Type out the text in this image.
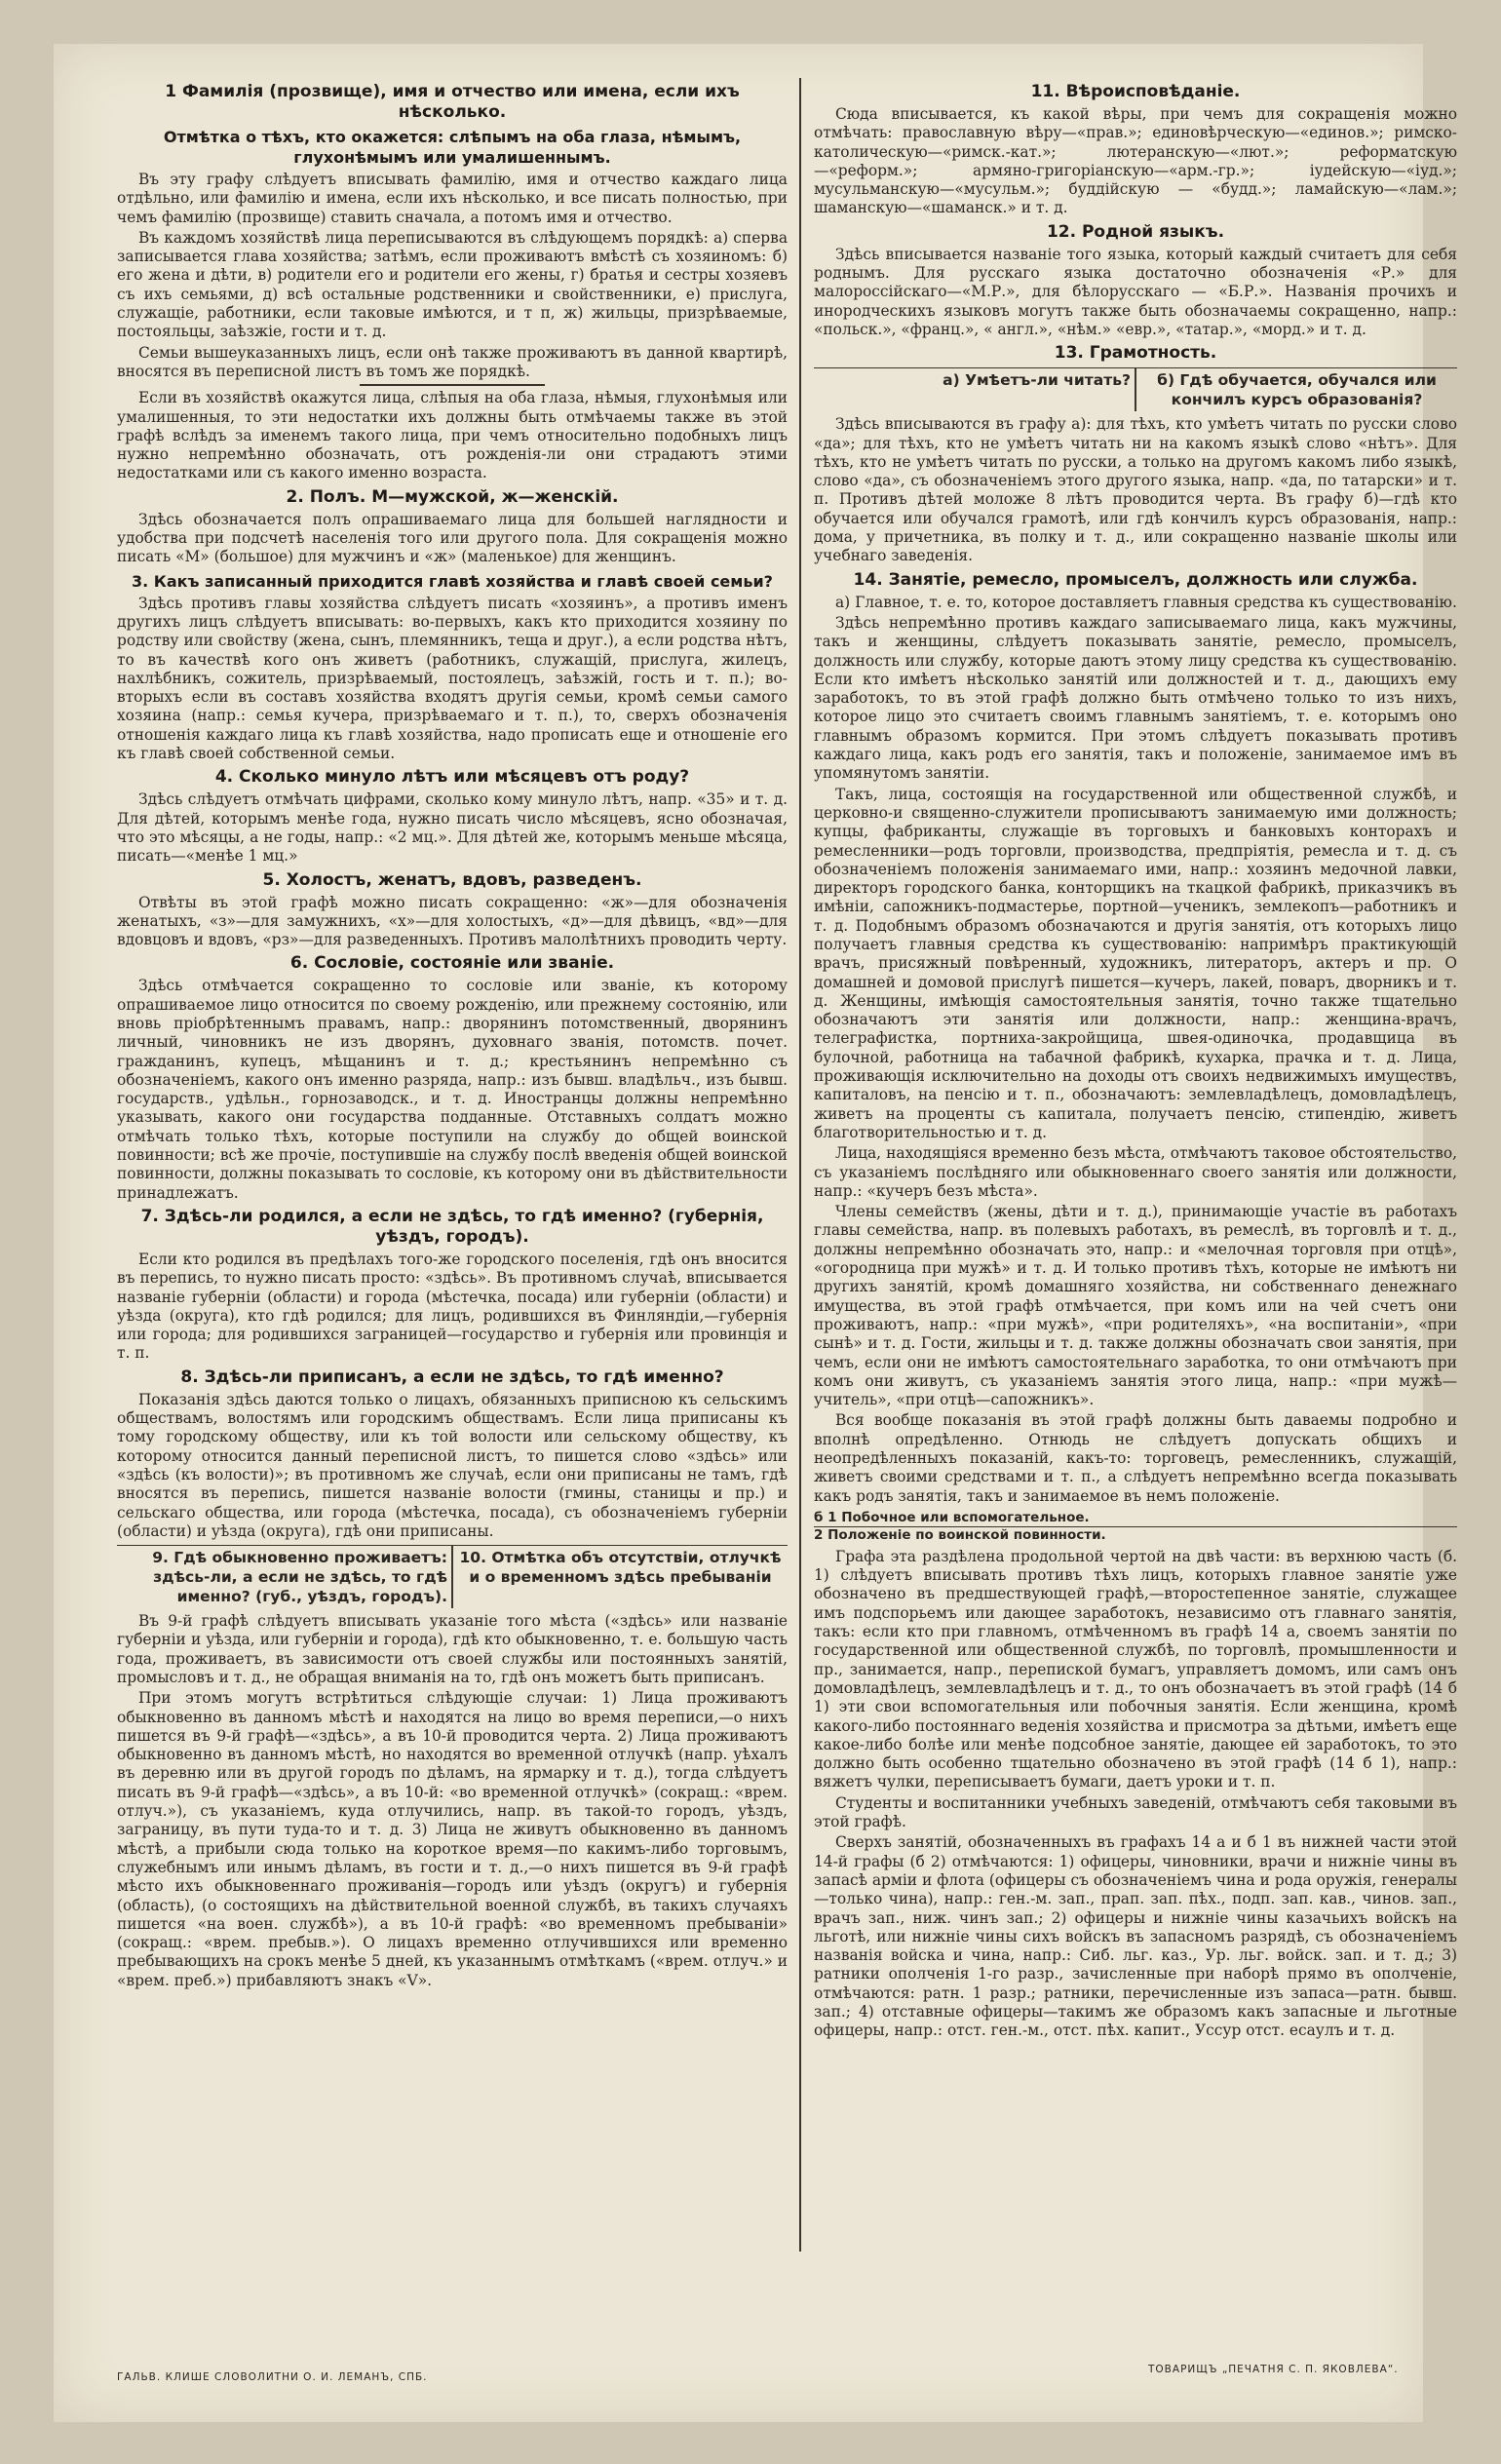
1 Фамилія (прозвище), имя и отчество или имена, если ихъ нѣсколько.
Отмѣтка о тѣхъ, кто окажется: слѣпымъ на оба глаза, нѣмымъ, глухонѣмымъ или умалишеннымъ.

Въ эту графу слѣдуетъ вписывать фамилію, имя и отчество каждаго лица отдѣльно, или фамилію и имена, если ихъ нѣсколько, и все писать полностью, при чемъ фамилію (прозвище) ставить сначала, а потомъ имя и отчество.

Въ каждомъ хозяйствѣ лица переписываются въ слѣдующемъ порядкѣ: а) сперва записывается глава хозяйства; затѣмъ, если проживаютъ вмѣстѣ съ хозяиномъ: б) его жена и дѣти, в) родители его и родители его жены, г) братья и сестры хозяевъ съ ихъ семьями, д) всѣ остальные родственники и свойственники, е) прислуга, служащіе, работники, если таковые имѣются, и т п, ж) жильцы, призрѣваемые, постояльцы, заѣзжіе, гости и т. д.

Семьи вышеуказанныхъ лицъ, если онѣ также проживаютъ въ данной квартирѣ, вносятся въ переписной листъ въ томъ же порядкѣ.

Если въ хозяйствѣ окажутся лица, слѣпыя на оба глаза, нѣмыя, глухонѣмыя или умалишенныя, то эти недостатки ихъ должны быть отмѣчаемы также въ этой графѣ вслѣдъ за именемъ такого лица, при чемъ относительно подобныхъ лицъ нужно непремѣнно обозначать, отъ рожденія-ли они страдаютъ этими недостатками или съ какого именно возраста.

2. Полъ. М—мужской, ж—женскій.

Здѣсь обозначается полъ опрашиваемаго лица для большей наглядности и удобства при подсчетѣ населенія того или другого пола. Для сокращенія можно писать «М» (большое) для мужчинъ и «ж» (маленькое) для женщинъ.

3. Какъ записанный приходится главѣ хозяйства и главѣ своей семьи?

Здѣсь противъ главы хозяйства слѣдуетъ писать «хозяинъ», а противъ именъ другихъ лицъ слѣдуетъ вписывать: во-первыхъ, какъ кто приходится хозяину по родству или свойству (жена, сынъ, племянникъ, теща и друг.), а если родства нѣтъ, то въ качествѣ кого онъ живетъ (работникъ, служащій, прислуга, жилецъ, нахлѣбникъ, сожитель, призрѣваемый, постоялецъ, заѣзжій, гость и т. п.); во-вторыхъ если въ составъ хозяйства входятъ другія семьи, кромѣ семьи самого хозяина (напр.: семья кучера, призрѣваемаго и т. п.), то, сверхъ обозначенія отношенія каждаго лица къ главѣ хозяйства, надо прописать еще и отношеніе его къ главѣ своей собственной семьи.

4. Сколько минуло лѣтъ или мѣсяцевъ отъ роду?

Здѣсь слѣдуетъ отмѣчать цифрами, сколько кому минуло лѣтъ, напр. «35» и т. д. Для дѣтей, которымъ менѣе года, нужно писать число мѣсяцевъ, ясно обозначая, что это мѣсяцы, а не годы, напр.: «2 мц.». Для дѣтей же, которымъ меньше мѣсяца, писать—«менѣе 1 мц.»

5. Холостъ, женатъ, вдовъ, разведенъ.

Отвѣты въ этой графѣ можно писать сокращенно: «ж»—для обозначенія женатыхъ, «з»—для замужнихъ, «х»—для холостыхъ, «д»—для дѣвицъ, «вд»—для вдовцовъ и вдовъ, «рз»—для разведенныхъ. Противъ малолѣтнихъ проводить черту.

6. Сословіе, состояніе или званіе.

Здѣсь отмѣчается сокращенно то сословіе или званіе, къ которому опрашиваемое лицо относится по своему рожденію, или прежнему состоянію, или вновь пріобрѣтеннымъ правамъ, напр.: дворянинъ потомственный, дворянинъ личный, чиновникъ не изъ дворянъ, духовнаго званія, потомств. почет. гражданинъ, купецъ, мѣщанинъ и т. д.; крестьянинъ непремѣнно съ обозначеніемъ, какого онъ именно разряда, напр.: изъ бывш. владѣльч., изъ бывш. государств., удѣльн., горнозаводск., и т. д. Иностранцы должны непремѣнно указывать, какого они государства подданные. Отставныхъ солдатъ можно отмѣчать только тѣхъ, которые поступили на службу до общей воинской повинности; всѣ же прочіе, поступившіе на службу послѣ введенія общей воинской повинности, должны показывать то сословіе, къ которому они въ дѣйствительности принадлежатъ.

7. Здѣсь-ли родился, а если не здѣсь, то гдѣ именно? (губернія, уѣздъ, городъ).

Если кто родился въ предѣлахъ того-же городского поселенія, гдѣ онъ вносится въ перепись, то нужно писать просто: «здѣсь». Въ противномъ случаѣ, вписывается названіе губерніи (области) и города (мѣстечка, посада) или губерніи (области) и уѣзда (округа), кто гдѣ родился; для лицъ, родившихся въ Финляндіи,—губернія или города; для родившихся заграницей—государство и губернія или провинція и т. п.

8. Здѣсь-ли приписанъ, а если не здѣсь, то гдѣ именно?

Показанія здѣсь даются только о лицахъ, обязанныхъ приписною къ сельскимъ обществамъ, волостямъ или городскимъ обществамъ. Если лица приписаны къ тому городскому обществу, или къ той волости или сельскому обществу, къ которому относится данный переписной листъ, то пишется слово «здѣсь» или «здѣсь (къ волости)»; въ противномъ же случаѣ, если они приписаны не тамъ, гдѣ вносятся въ перепись, пишется названіе волости (гмины, станицы и пр.) и сельскаго общества, или города (мѣстечка, посада), съ обозначеніемъ губерніи (области) и уѣзда (округа), гдѣ они приписаны.

9. Гдѣ обыкновенно проживаетъ: здѣсь-ли, а если не здѣсь, то гдѣ именно? (губ., уѣздъ, городъ).
10. Отмѣтка объ отсутствіи, отлучкѣ и о временномъ здѣсь пребываніи

Въ 9-й графѣ слѣдуетъ вписывать указаніе того мѣста («здѣсь» или названіе губерніи и уѣзда, или губерніи и города), гдѣ кто обыкновенно, т. е. большую часть года, проживаетъ, въ зависимости отъ своей службы или постоянныхъ занятій, промысловъ и т. д., не обращая вниманія на то, гдѣ онъ можетъ быть приписанъ.

При этомъ могутъ встрѣтиться слѣдующіе случаи: 1) Лица проживаютъ обыкновенно въ данномъ мѣстѣ и находятся на лицо во время переписи,—о нихъ пишется въ 9-й графѣ—«здѣсь», а въ 10-й проводится черта. 2) Лица проживаютъ обыкновенно въ данномъ мѣстѣ, но находятся во временной отлучкѣ (напр. уѣхалъ въ деревню или въ другой городъ по дѣламъ, на ярмарку и т. д.), тогда слѣдуетъ писать въ 9-й графѣ—«здѣсь», а въ 10-й: «во временной отлучкѣ» (сокращ.: «врем. отлуч.»), съ указаніемъ, куда отлучились, напр. въ такой-то городъ, уѣздъ, заграницу, въ пути туда-то и т. д. 3) Лица не живутъ обыкновенно въ данномъ мѣстѣ, а прибыли сюда только на короткое время—по какимъ-либо торговымъ, служебнымъ или инымъ дѣламъ, въ гости и т. д.,—о нихъ пишется въ 9-й графѣ мѣсто ихъ обыкновеннаго проживанія—городъ или уѣздъ (округъ) и губернія (область), (о состоящихъ на дѣйствительной военной службѣ, въ такихъ случаяхъ пишется «на воен. службѣ»), а въ 10-й графѣ: «во временномъ пребываніи» (сокращ.: «врем. пребыв.»). О лицахъ временно отлучившихся или временно пребывающихъ на срокъ менѣе 5 дней, къ указаннымъ отмѣткамъ («врем. отлуч.» и «врем. преб.») прибавляютъ знакъ «V».

11. Вѣроисповѣданіе.

Сюда вписывается, къ какой вѣры, при чемъ для сокращенія можно отмѣчать: православную вѣру—«прав.»; единовѣрческую—«единов.»; римско-католическую—«римск.-кат.»; лютеранскую—«лют.»; реформатскую—«реформ.»; армяно-григоріанскую—«арм.-гр.»; іудейскую—«іуд.»; мусульманскую—«мусульм.»; буддійскую — «будд.»; ламайскую—«лам.»; шаманскую—«шаманск.» и т. д.

12. Родной языкъ.

Здѣсь вписывается названіе того языка, который каждый считаетъ для себя роднымъ. Для русскаго языка достаточно обозначенія «Р.» для малороссійскаго—«М.Р.», для бѣлорусскаго — «Б.Р.». Названія прочихъ и инородческихъ языковъ могутъ также быть обозначаемы сокращенно, напр.: «польск.», «франц.», « англ.», «нѣм.» «евр.», «татар.», «морд.» и т. д.

13. Грамотность.
а) Умѣетъ-ли читать?	б) Гдѣ обучается, обучался или кончилъ курсъ образованія?

Здѣсь вписываются въ графу а): для тѣхъ, кто умѣетъ читать по русски слово «да»; для тѣхъ, кто не умѣетъ читать ни на какомъ языкѣ слово «нѣтъ». Для тѣхъ, кто не умѣетъ читать по русски, а только на другомъ какомъ либо языкѣ, слово «да», съ обозначеніемъ этого другого языка, напр. «да, по татарски» и т. п. Противъ дѣтей моложе 8 лѣтъ проводится черта. Въ графу б)—гдѣ кто обучается или обучался грамотѣ, или гдѣ кончилъ курсъ образованія, напр.: дома, у причетника, въ полку и т. д., или сокращенно названіе школы или учебнаго заведенія.

14. Занятіе, ремесло, промыселъ, должность или служба.

а) Главное, т. е. то, которое доставляетъ главныя средства къ существованію.

Здѣсь непремѣнно противъ каждаго записываемаго лица, какъ мужчины, такъ и женщины, слѣдуетъ показывать занятіе, ремесло, промыселъ, должность или службу, которые даютъ этому лицу средства къ существованію. Если кто имѣетъ нѣсколько занятій или должностей и т. д., дающихъ ему заработокъ, то въ этой графѣ должно быть отмѣчено только то изъ нихъ, которое лицо это считаетъ своимъ главнымъ занятіемъ, т. е. которымъ оно главнымъ образомъ кормится. При этомъ слѣдуетъ показывать противъ каждаго лица, какъ родъ его занятія, такъ и положеніе, занимаемое имъ въ упомянутомъ занятіи.

Такъ, лица, состоящія на государственной или общественной службѣ, и церковно-и священно-служители прописываютъ занимаемую ими должность; купцы, фабриканты, служащіе въ торговыхъ и банковыхъ конторахъ и ремесленники—родъ торговли, производства, предпріятія, ремесла и т. д. съ обозначеніемъ положенія занимаемаго ими, напр.: хозяинъ медочной лавки, директоръ городского банка, конторщикъ на ткацкой фабрикѣ, приказчикъ въ имѣніи, сапожникъ-подмастерье, портной—ученикъ, землекопъ—работникъ и т. д. Подобнымъ образомъ обозначаются и другія занятія, отъ которыхъ лицо получаетъ главныя средства къ существованію: напримѣръ практикующій врачъ, присяжный повѣренный, художникъ, литераторъ, актеръ и пр. О домашней и домовой прислугѣ пишется—кучеръ, лакей, поваръ, дворникъ и т. д. Женщины, имѣющія самостоятельныя занятія, точно также тщательно обозначаютъ эти занятія или должности, напр.: женщина-врачъ, телеграфистка, портниха-закройщица, швея-одиночка, продавщица въ булочной, работница на табачной фабрикѣ, кухарка, прачка и т. д. Лица, проживающія исключительно на доходы отъ своихъ недвижимыхъ имуществъ, капиталовъ, на пенсію и т. п., обозначаютъ: землевладѣлецъ, домовладѣлецъ, живетъ на проценты съ капитала, получаетъ пенсію, стипендію, живетъ благотворительностью и т. д.

Лица, находящіяся временно безъ мѣста, отмѣчаютъ таковое обстоятельство, съ указаніемъ послѣдняго или обыкновеннаго своего занятія или должности, напр.: «кучеръ безъ мѣста».

Члены семействъ (жены, дѣти и т. д.), принимающіе участіе въ работахъ главы семейства, напр. въ полевыхъ работахъ, въ ремеслѣ, въ торговлѣ и т. д., должны непремѣнно обозначать это, напр.: и «мелочная торговля при отцѣ», «огородница при мужѣ» и т. д. И только противъ тѣхъ, которые не имѣютъ ни другихъ занятій, кромѣ домашняго хозяйства, ни собственнаго денежнаго имущества, въ этой графѣ отмѣчается, при комъ или на чей счетъ они проживаютъ, напр.: «при мужѣ», «при родителяхъ», «на воспитаніи», «при сынѣ» и т. д. Гости, жильцы и т. д. также должны обозначать свои занятія, при чемъ, если они не имѣютъ самостоятельнаго заработка, то они отмѣчаютъ при комъ они живутъ, съ указаніемъ занятія этого лица, напр.: «при мужѣ—учитель», «при отцѣ—сапожникъ».

Вся вообще показанія въ этой графѣ должны быть даваемы подробно и вполнѣ опредѣленно. Отнюдь не слѣдуетъ допускать общихъ и неопредѣленныхъ показаній, какъ-то: торговецъ, ремесленникъ, служащій, живетъ своими средствами и т. п., а слѣдуетъ непремѣнно всегда показывать какъ родъ занятія, такъ и занимаемое въ немъ положеніе.

б 1 Побочное или вспомогательное.
2 Положеніе по воинской повинности.

Графа эта раздѣлена продольной чертой на двѣ части: въ верхнюю часть (б. 1) слѣдуетъ вписывать противъ тѣхъ лицъ, которыхъ главное занятіе уже обозначено въ предшествующей графѣ,—второстепенное занятіе, служащее имъ подспорьемъ или дающее заработокъ, независимо отъ главнаго занятія, такъ: если кто при главномъ, отмѣченномъ въ графѣ 14 а, своемъ занятіи по государственной или общественной службѣ, по торговлѣ, промышленности и пр., занимается, напр., перепиской бумагъ, управляетъ домомъ, или самъ онъ домовладѣлецъ, землевладѣлецъ и т. д., то онъ обозначаетъ въ этой графѣ (14 б 1) эти свои вспомогательныя или побочныя занятія. Если женщина, кромѣ какого-либо постояннаго веденія хозяйства и присмотра за дѣтьми, имѣетъ еще какое-либо болѣе или менѣе подсобное занятіе, дающее ей заработокъ, то это должно быть особенно тщательно обозначено въ этой графѣ (14 б 1), напр.: вяжетъ чулки, переписываетъ бумаги, даетъ уроки и т. п.

Студенты и воспитанники учебныхъ заведеній, отмѣчаютъ себя таковыми въ этой графѣ.

Сверхъ занятій, обозначенныхъ въ графахъ 14 а и б 1 въ нижней части этой 14-й графы (б 2) отмѣчаются: 1) офицеры, чиновники, врачи и нижніе чины въ запасѣ арміи и флота (офицеры съ обозначеніемъ чина и рода оружія, генералы—только чина), напр.: ген.-м. зап., прап. зап. пѣх., подп. зап. кав., чинов. зап., врачъ зап., ниж. чинъ зап.; 2) офицеры и нижніе чины казачьихъ войскъ на льготѣ, или нижніе чины сихъ войскъ въ запасномъ разрядѣ, съ обозначеніемъ названія войска и чина, напр.: Сиб. льг. каз., Ур. льг. войск. зап. и т. д.; 3) ратники ополченія 1-го разр., зачисленные при наборѣ прямо въ ополченіе, отмѣчаются: ратн. 1 разр.; ратники, перечисленные изъ запаса—ратн. бывш. зап.; 4) отставные офицеры—такимъ же образомъ какъ запасные и льготные офицеры, напр.: отст. ген.-м., отст. пѣх. капит., Уссур отст. есаулъ и т. д.

ГАЛЬВ. КЛИШЕ СЛОВОЛИТНИ О. И. ЛЕМАНЪ, СПБ.
ТОВАРИЩЪ „ПЕЧАТНЯ С. П. ЯКОВЛЕВА“.
